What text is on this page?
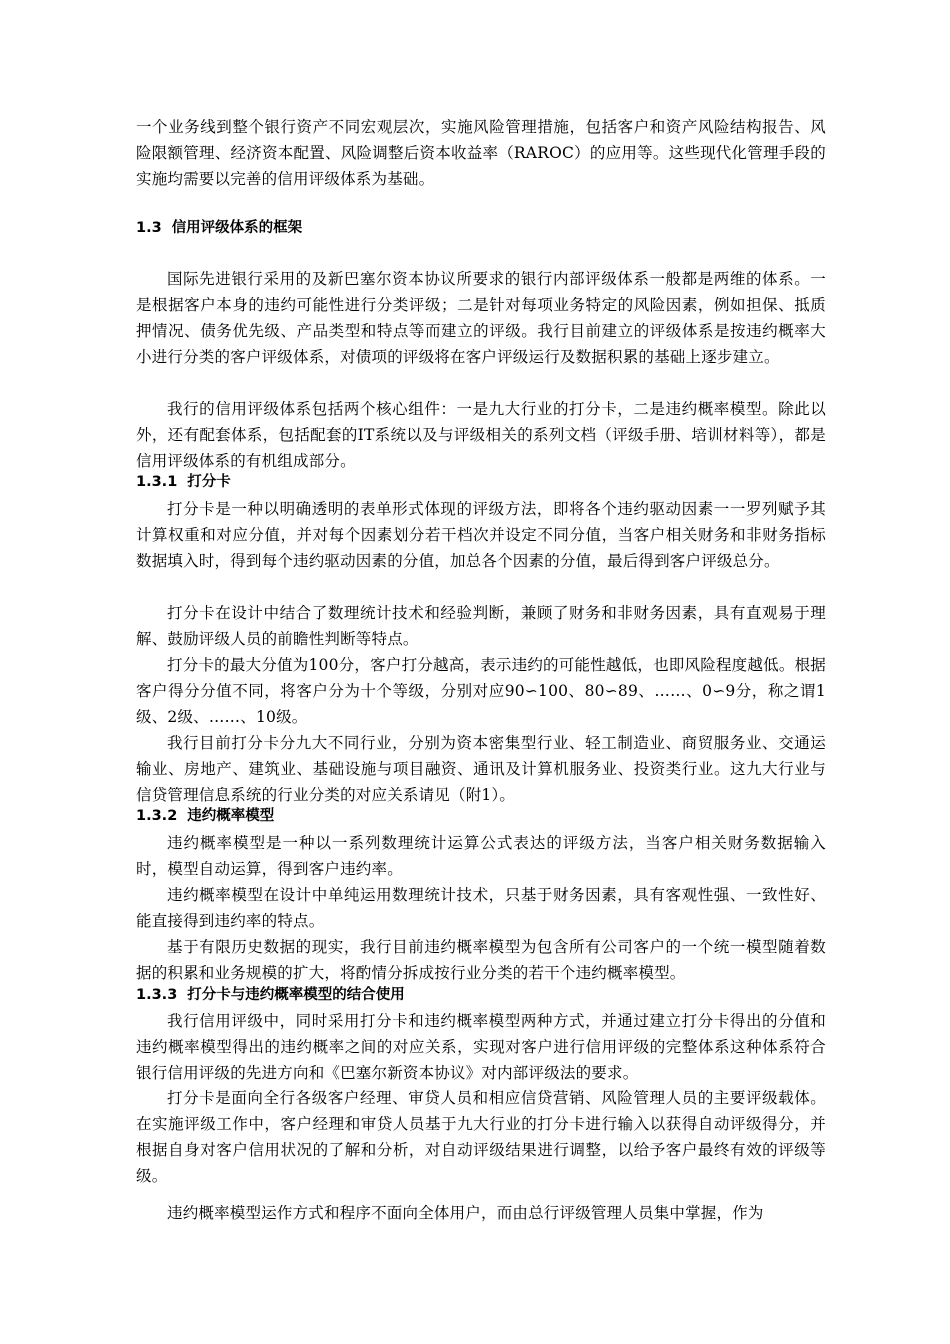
一个业务线到整个银行资产不同宏观层次，实施风险管理措施，包括客户和资产风险结构报告、风险限额管理、经济资本配置、风险调整后资本收益率（RAROC）的应用等。这些现代化管理手段的实施均需要以完善的信用评级体系为基础。

1.3 信用评级体系的框架

国际先进银行采用的及新巴塞尔资本协议所要求的银行内部评级体系一般都是两维的体系。一是根据客户本身的违约可能性进行分类评级；二是针对每项业务特定的风险因素，例如担保、抵质押情况、债务优先级、产品类型和特点等而建立的评级。我行目前建立的评级体系是按违约概率大小进行分类的客户评级体系，对债项的评级将在客户评级运行及数据积累的基础上逐步建立。

我行的信用评级体系包括两个核心组件：一是九大行业的打分卡，二是违约概率模型。除此以外，还有配套体系，包括配套的IT系统以及与评级相关的系列文档（评级手册、培训材料等），都是信用评级体系的有机组成部分。

1.3.1 打分卡

打分卡是一种以明确透明的表单形式体现的评级方法，即将各个违约驱动因素一一罗列赋予其计算权重和对应分值，并对每个因素划分若干档次并设定不同分值，当客户相关财务和非财务指标数据填入时，得到每个违约驱动因素的分值，加总各个因素的分值，最后得到客户评级总分。

打分卡在设计中结合了数理统计技术和经验判断，兼顾了财务和非财务因素，具有直观易于理解、鼓励评级人员的前瞻性判断等特点。

打分卡的最大分值为100分，客户打分越高，表示违约的可能性越低，也即风险程度越低。根据客户得分分值不同，将客户分为十个等级，分别对应90∽100、80∽89、……、0∽9分，称之谓1级、2级、……、10级。

我行目前打分卡分九大不同行业，分别为资本密集型行业、轻工制造业、商贸服务业、交通运输业、房地产、建筑业、基础设施与项目融资、通讯及计算机服务业、投资类行业。这九大行业与信贷管理信息系统的行业分类的对应关系请见（附1）。

1.3.2 违约概率模型

违约概率模型是一种以一系列数理统计运算公式表达的评级方法，当客户相关财务数据输入时，模型自动运算，得到客户违约率。

违约概率模型在设计中单纯运用数理统计技术，只基于财务因素，具有客观性强、一致性好、能直接得到违约率的特点。

基于有限历史数据的现实，我行目前违约概率模型为包含所有公司客户的一个统一模型随着数据的积累和业务规模的扩大，将酌情分拆成按行业分类的若干个违约概率模型。

1.3.3 打分卡与违约概率模型的结合使用

我行信用评级中，同时采用打分卡和违约概率模型两种方式，并通过建立打分卡得出的分值和违约概率模型得出的违约概率之间的对应关系，实现对客户进行信用评级的完整体系这种体系符合银行信用评级的先进方向和《巴塞尔新资本协议》对内部评级法的要求。

打分卡是面向全行各级客户经理、审贷人员和相应信贷营销、风险管理人员的主要评级载体。在实施评级工作中，客户经理和审贷人员基于九大行业的打分卡进行输入以获得自动评级得分，并根据自身对客户信用状况的了解和分析，对自动评级结果进行调整，以给予客户最终有效的评级等级。

违约概率模型运作方式和程序不面向全体用户，而由总行评级管理人员集中掌握，作为
